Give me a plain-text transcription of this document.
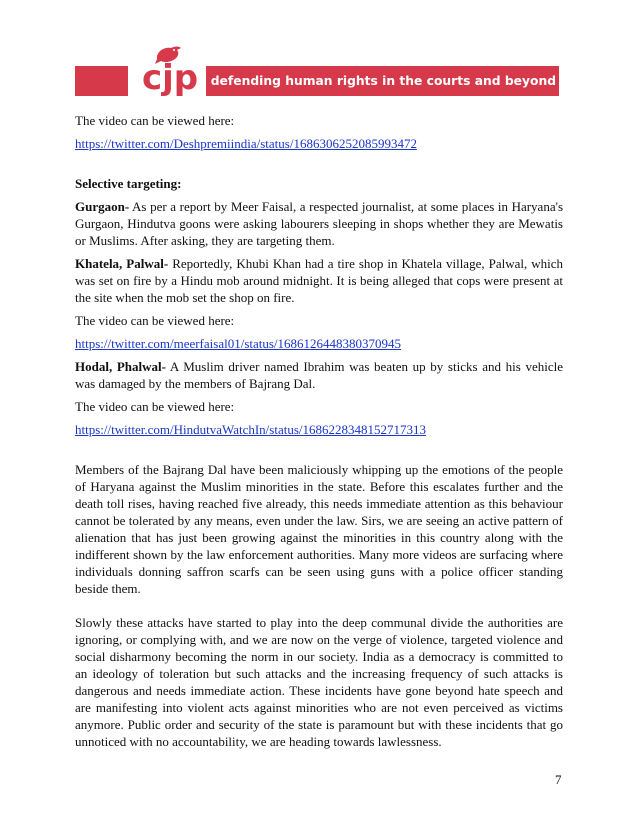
cjp	defending human rights in the courts and beyond

The video can be viewed here:

https://twitter.com/Deshpremiindia/status/1686306252085993472

Selective targeting:

Gurgaon- As per a report by Meer Faisal, a respected journalist, at some places in Haryana's Gurgaon, Hindutva goons were asking labourers sleeping in shops whether they are Mewatis or Muslims. After asking, they are targeting them.

Khatela, Palwal- Reportedly, Khubi Khan had a tire shop in Khatela village, Palwal, which was set on fire by a Hindu mob around midnight. It is being alleged that cops were present at the site when the mob set the shop on fire.

The video can be viewed here:

https://twitter.com/meerfaisal01/status/1686126448380370945

Hodal, Phalwal- A Muslim driver named Ibrahim was beaten up by sticks and his vehicle was damaged by the members of Bajrang Dal.

The video can be viewed here:

https://twitter.com/HindutvaWatchIn/status/1686228348152717313

Members of the Bajrang Dal have been maliciously whipping up the emotions of the people of Haryana against the Muslim minorities in the state. Before this escalates further and the death toll rises, having reached five already, this needs immediate attention as this behaviour cannot be tolerated by any means, even under the law. Sirs, we are seeing an active pattern of alienation that has just been growing against the minorities in this country along with the indifferent shown by the law enforcement authorities. Many more videos are surfacing where individuals donning saffron scarfs can be seen using guns with a police officer standing beside them.

Slowly these attacks have started to play into the deep communal divide the authorities are ignoring, or complying with, and we are now on the verge of violence, targeted violence and social disharmony becoming the norm in our society. India as a democracy is committed to an ideology of toleration but such attacks and the increasing frequency of such attacks is dangerous and needs immediate action. These incidents have gone beyond hate speech and are manifesting into violent acts against minorities who are not even perceived as victims anymore. Public order and security of the state is paramount but with these incidents that go unnoticed with no accountability, we are heading towards lawlessness.

7
